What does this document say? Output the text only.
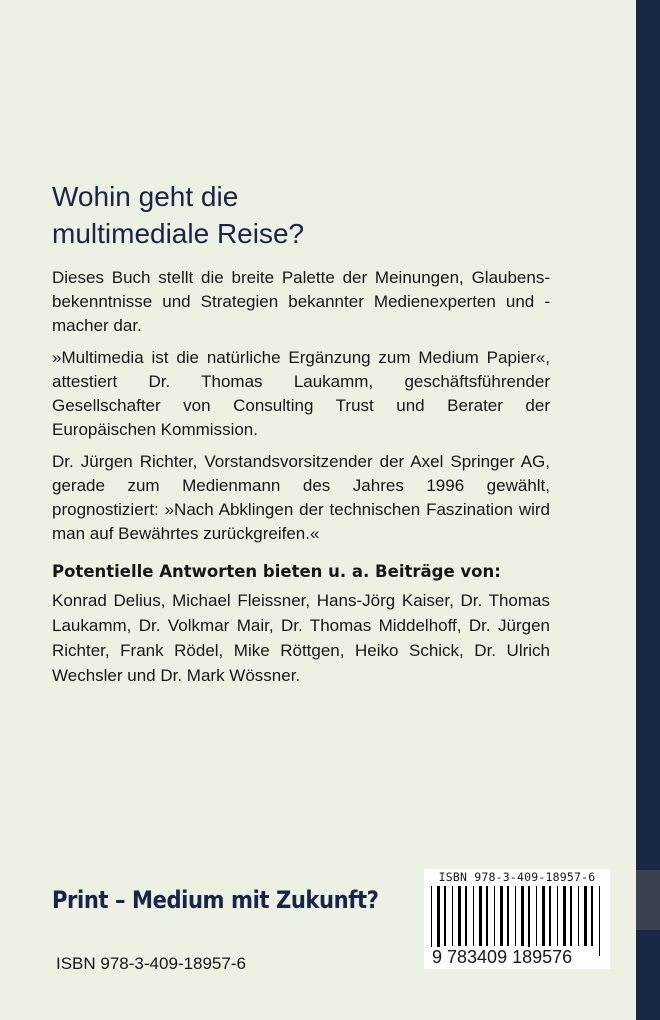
Wohin geht die
multimediale Reise?

Dieses Buch stellt die breite Palette der Meinungen, Glaubens-bekenntnisse und Strategien bekannter Medienexperten und -macher dar.

»Multimedia ist die natürliche Ergänzung zum Medium Papier«, attestiert Dr. Thomas Laukamm, geschäftsführender Gesellschafter von Consulting Trust und Berater der Europäischen Kommission.

Dr. Jürgen Richter, Vorstandsvorsitzender der Axel Springer AG, gerade zum Medienmann des Jahres 1996 gewählt, prognostiziert: »Nach Abklingen der technischen Faszination wird man auf Bewährtes zurückgreifen.«

Potentielle Antworten bieten u. a. Beiträge von:

Konrad Delius, Michael Fleissner, Hans-Jörg Kaiser, Dr. Thomas Laukamm, Dr. Volkmar Mair, Dr. Thomas Middelhoff, Dr. Jürgen Richter, Frank Rödel, Mike Röttgen, Heiko Schick, Dr. Ulrich Wechsler und Dr. Mark Wössner.

Print – Medium mit Zukunft?
ISBN 978-3-409-18957-6
ISBN 978-3-409-18957-6
9 783409 189576
